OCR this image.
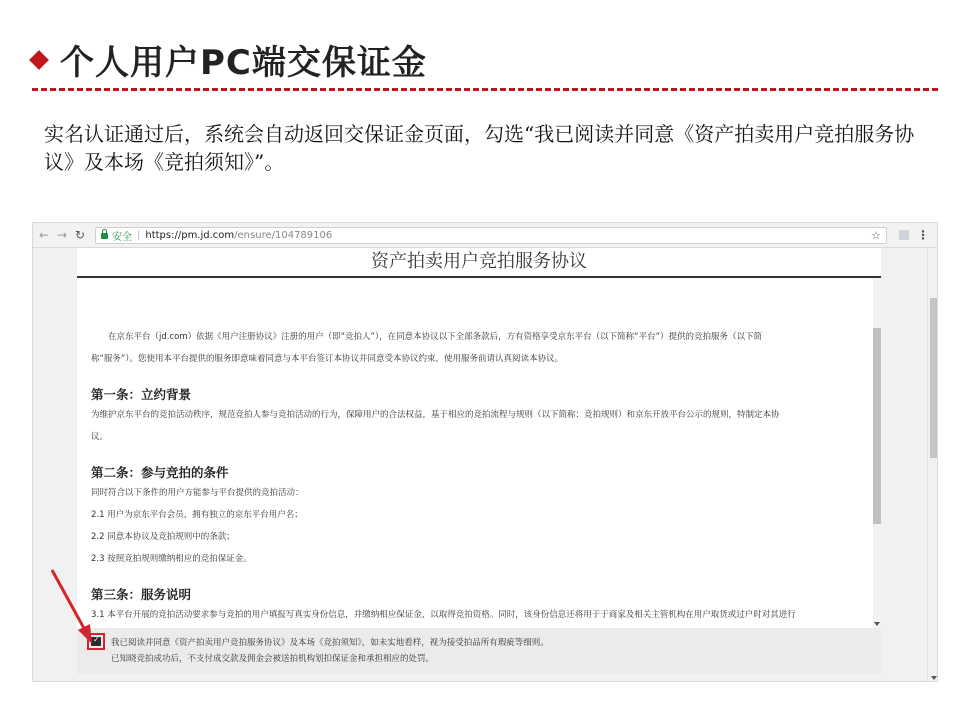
个人用户PC端交保证金
实名认证通过后，系统会自动返回交保证金页面，勾选“我已阅读并同意《资产拍卖用户竞拍服务协议》及本场《竞拍须知》”。
← → ↻	安全 | https://pm.jd.com /ensure/104789106	☆	⋮
资产拍卖用户竞拍服务协议

在京东平台（jd.com）依据《用户注册协议》注册的用户（即“竞拍人”），在同意本协议以下全部条款后，方有资格享受京东平台（以下简称“平台”）提供的竞拍服务（以下简

称“服务”）。您使用本平台提供的服务即意味着同意与本平台签订本协议并同意受本协议约束，使用服务前请认真阅读本协议。

第一条：立约背景

为维护京东平台的竞拍活动秩序，规范竞拍人参与竞拍活动的行为，保障用户的合法权益，基于相应的竞拍流程与规则（以下简称：竞拍规则）和京东开放平台公示的规则，特制定本协

议。

第二条：参与竞拍的条件

同时符合以下条件的用户方能参与平台提供的竞拍活动：

2.1 用户为京东平台会员，拥有独立的京东平台用户名；

2.2 同意本协议及竞拍规则中的条款；

2.3 按照竞拍规则缴纳相应的竞拍保证金。

第三条：服务说明

3.1 本平台开展的竞拍活动要求参与竞拍的用户填报写真实身份信息，并缴纳相应保证金，以取得竞拍资格。同时，该身份信息还将用于于商家及相关主管机构在用户取货或过户时对其进行

✓ 我已阅读并同意《资产拍卖用户竞拍服务协议》及本场《竞拍须知》，如未实地看样，视为接受拍品所有瑕疵等细则。
已知晓竞拍成功后，不支付成交款及佣金会被送拍机构划扣保证金和承担相应的处罚。
